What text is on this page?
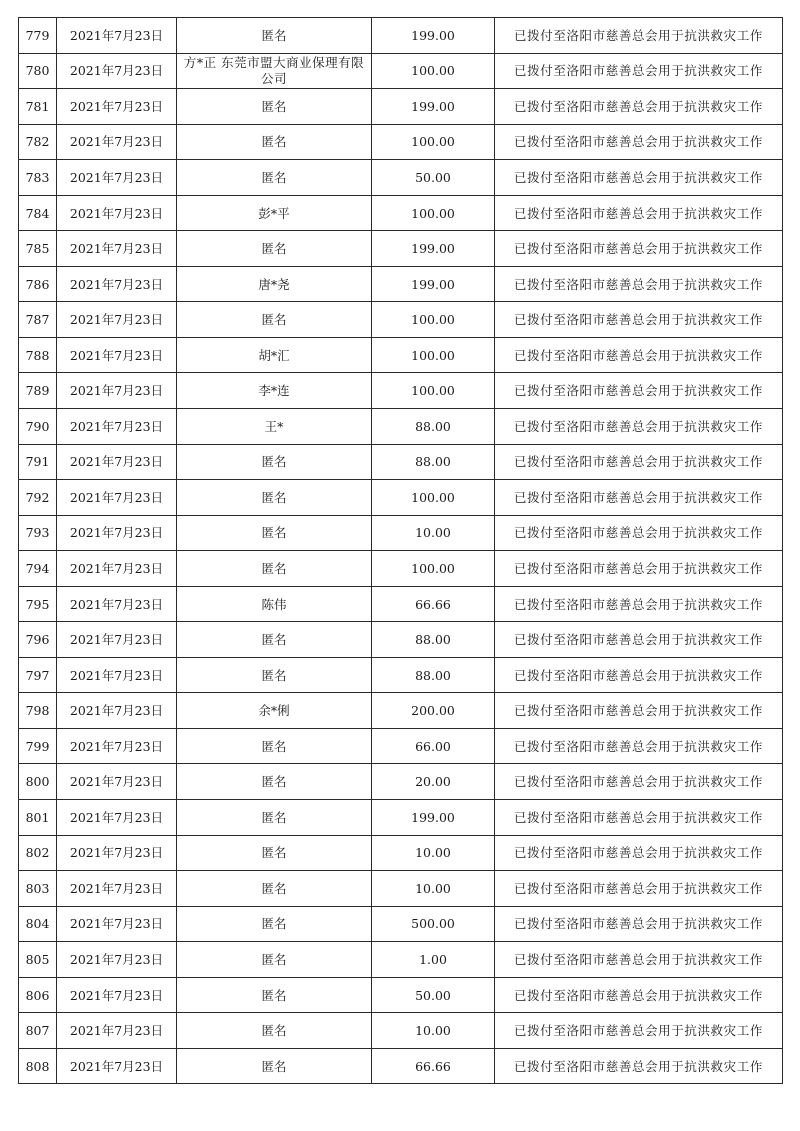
779	2021年7月23日	匿名	199.00	已拨付至洛阳市慈善总会用于抗洪救灾工作
780	2021年7月23日	方*正 东莞市盟大商业保理有限公司	100.00	已拨付至洛阳市慈善总会用于抗洪救灾工作
781	2021年7月23日	匿名	199.00	已拨付至洛阳市慈善总会用于抗洪救灾工作
782	2021年7月23日	匿名	100.00	已拨付至洛阳市慈善总会用于抗洪救灾工作
783	2021年7月23日	匿名	50.00	已拨付至洛阳市慈善总会用于抗洪救灾工作
784	2021年7月23日	彭*平	100.00	已拨付至洛阳市慈善总会用于抗洪救灾工作
785	2021年7月23日	匿名	199.00	已拨付至洛阳市慈善总会用于抗洪救灾工作
786	2021年7月23日	唐*尧	199.00	已拨付至洛阳市慈善总会用于抗洪救灾工作
787	2021年7月23日	匿名	100.00	已拨付至洛阳市慈善总会用于抗洪救灾工作
788	2021年7月23日	胡*汇	100.00	已拨付至洛阳市慈善总会用于抗洪救灾工作
789	2021年7月23日	李*连	100.00	已拨付至洛阳市慈善总会用于抗洪救灾工作
790	2021年7月23日	王*	88.00	已拨付至洛阳市慈善总会用于抗洪救灾工作
791	2021年7月23日	匿名	88.00	已拨付至洛阳市慈善总会用于抗洪救灾工作
792	2021年7月23日	匿名	100.00	已拨付至洛阳市慈善总会用于抗洪救灾工作
793	2021年7月23日	匿名	10.00	已拨付至洛阳市慈善总会用于抗洪救灾工作
794	2021年7月23日	匿名	100.00	已拨付至洛阳市慈善总会用于抗洪救灾工作
795	2021年7月23日	陈伟	66.66	已拨付至洛阳市慈善总会用于抗洪救灾工作
796	2021年7月23日	匿名	88.00	已拨付至洛阳市慈善总会用于抗洪救灾工作
797	2021年7月23日	匿名	88.00	已拨付至洛阳市慈善总会用于抗洪救灾工作
798	2021年7月23日	余*俐	200.00	已拨付至洛阳市慈善总会用于抗洪救灾工作
799	2021年7月23日	匿名	66.00	已拨付至洛阳市慈善总会用于抗洪救灾工作
800	2021年7月23日	匿名	20.00	已拨付至洛阳市慈善总会用于抗洪救灾工作
801	2021年7月23日	匿名	199.00	已拨付至洛阳市慈善总会用于抗洪救灾工作
802	2021年7月23日	匿名	10.00	已拨付至洛阳市慈善总会用于抗洪救灾工作
803	2021年7月23日	匿名	10.00	已拨付至洛阳市慈善总会用于抗洪救灾工作
804	2021年7月23日	匿名	500.00	已拨付至洛阳市慈善总会用于抗洪救灾工作
805	2021年7月23日	匿名	1.00	已拨付至洛阳市慈善总会用于抗洪救灾工作
806	2021年7月23日	匿名	50.00	已拨付至洛阳市慈善总会用于抗洪救灾工作
807	2021年7月23日	匿名	10.00	已拨付至洛阳市慈善总会用于抗洪救灾工作
808	2021年7月23日	匿名	66.66	已拨付至洛阳市慈善总会用于抗洪救灾工作
